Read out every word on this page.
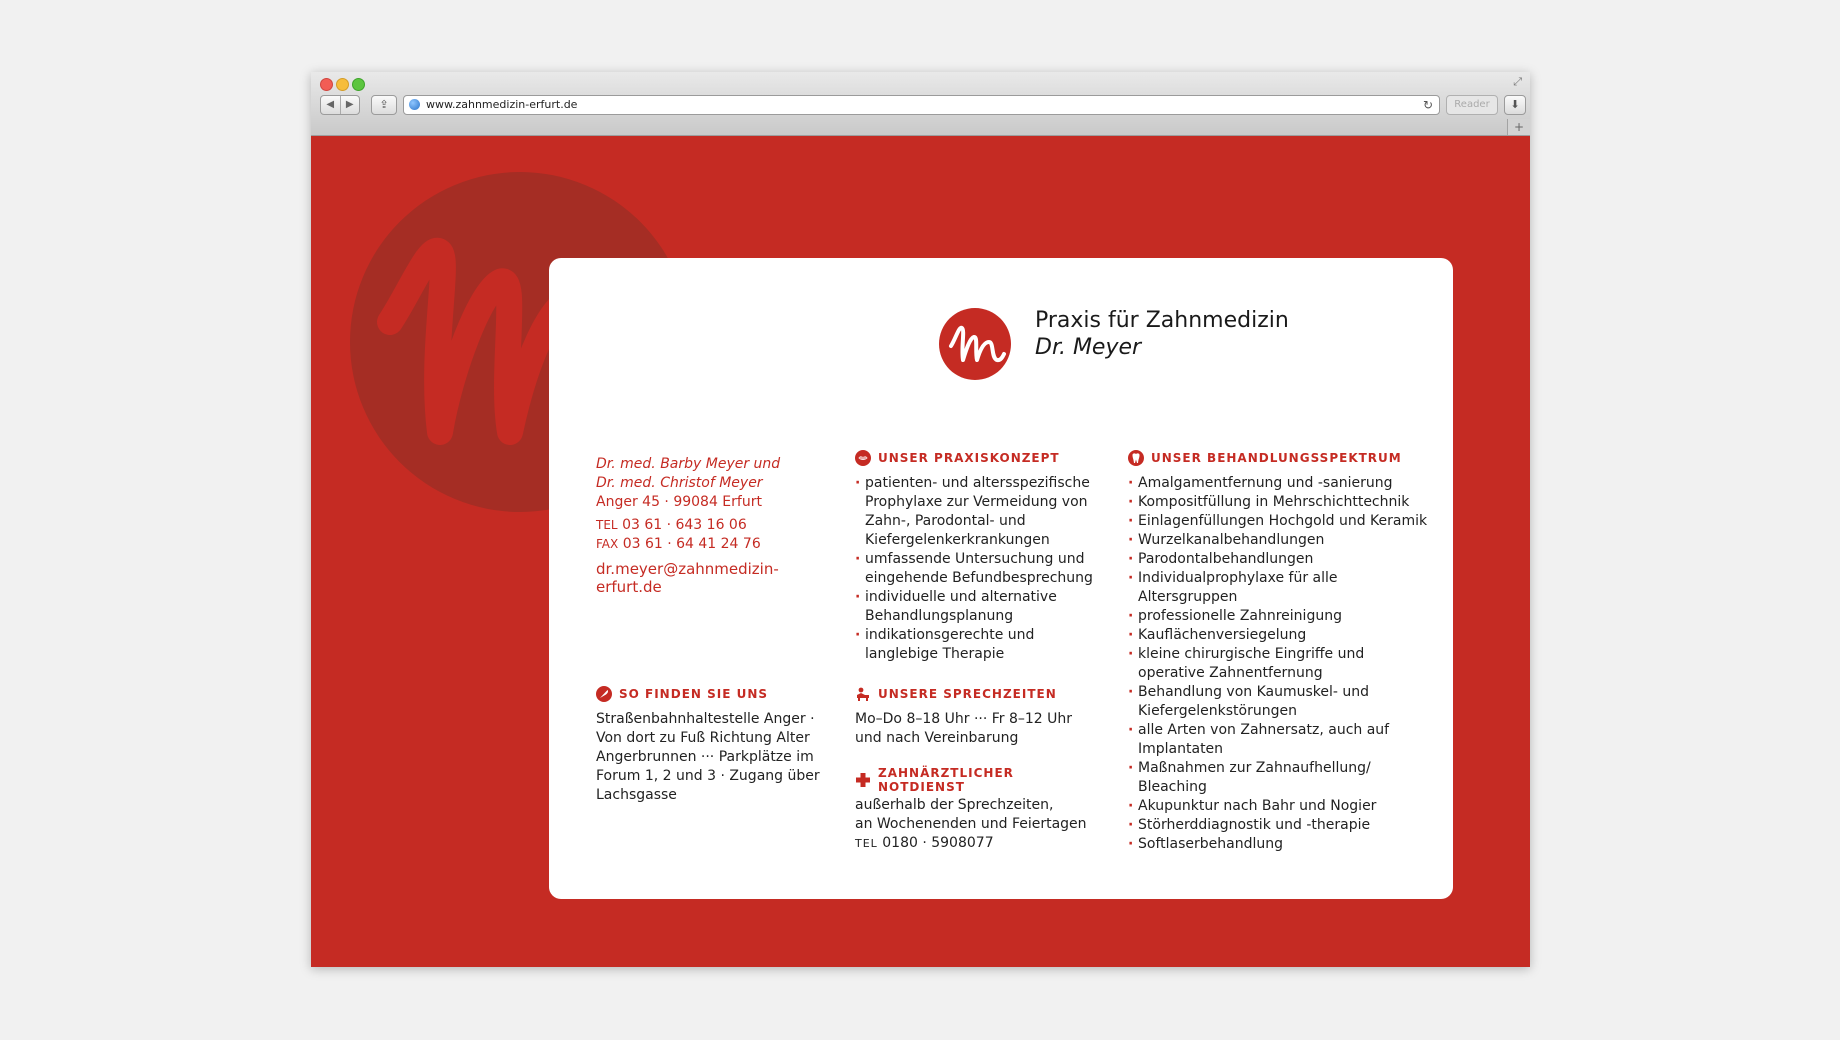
⤢
◀	▶	⇪	www.zahnmedizin-erfurt.de	↻	Reader	⬇
+
Praxis für Zahnmedizin
Dr. Meyer
Dr. med. Barby Meyer und
Dr. med. Christof Meyer
Anger 45 · 99084 Erfurt
TEL 03 61 · 643 16 06
FAX 03 61 · 64 41 24 76
dr.meyer@zahnmedizin-erfurt.de
UNSER PRAXISKONZEPT
· patienten- und altersspezifische Prophylaxe zur Vermeidung von Zahn-, Parodontal- und Kiefergelenkerkrankungen
· umfassende Untersuchung und eingehende Befundbesprechung
· individuelle und alternative Behandlungsplanung
· indikationsgerechte und langlebige Therapie
UNSER BEHANDLUNGSSPEKTRUM
· Amalgamentfernung und -sanierung
· Kompositfüllung in Mehrschichttechnik
· Einlagenfüllungen Hochgold und Keramik
· Wurzelkanalbehandlungen
· Parodontalbehandlungen
· Individualprophylaxe für alle Altersgruppen
· professionelle Zahnreinigung
· Kauflächenversiegelung
· kleine chirurgische Eingriffe und operative Zahnentfernung
· Behandlung von Kaumuskel- und Kiefergelenkstörungen
· alle Arten von Zahnersatz, auch auf Implantaten
· Maßnahmen zur Zahnaufhellung/ Bleaching
· Akupunktur nach Bahr und Nogier
· Störherddiagnostik und -therapie
· Softlaserbehandlung
SO FINDEN SIE UNS
Straßenbahnhaltestelle Anger · Von dort zu Fuß Richtung Alter Angerbrunnen ··· Parkplätze im Forum 1, 2 und 3 · Zugang über Lachsgasse
UNSERE SPRECHZEITEN
Mo–Do 8–18 Uhr ··· Fr 8–12 Uhr
und nach Vereinbarung
ZAHNÄRZTLICHER NOTDIENST
außerhalb der Sprechzeiten,
an Wochenenden und Feiertagen
TEL 0180 · 5908077
